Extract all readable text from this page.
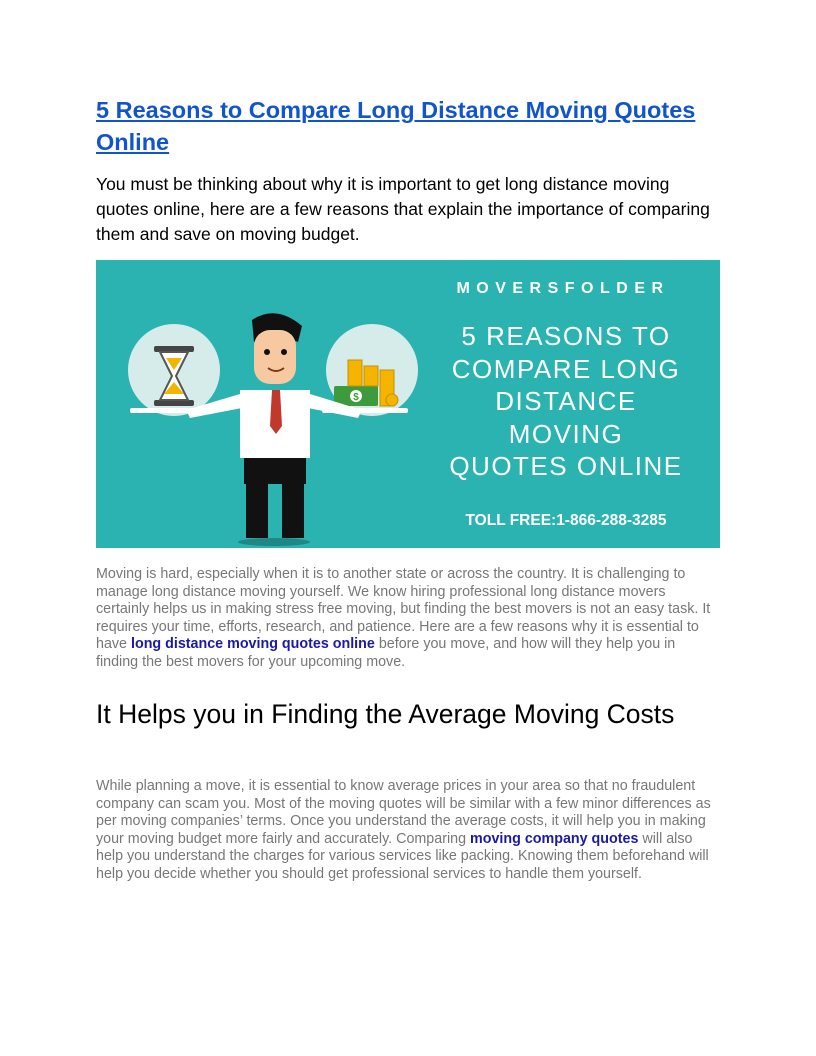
5 Reasons to Compare Long Distance Moving Quotes Online

You must be thinking about why it is important to get long distance moving quotes online, here are a few reasons that explain the importance of comparing them and save on moving budget.

$
MOVERSFOLDER
5 REASONS TO
COMPARE LONG
DISTANCE
MOVING
QUOTES ONLINE
TOLL FREE:1-866-288-3285

Moving is hard, especially when it is to another state or across the country. It is challenging to manage long distance moving yourself. We know hiring professional long distance movers certainly helps us in making stress free moving, but finding the best movers is not an easy task. It requires your time, efforts, research, and patience. Here are a few reasons why it is essential to have long distance moving quotes online before you move, and how will they help you in finding the best movers for your upcoming move.

It Helps you in Finding the Average Moving Costs

While planning a move, it is essential to know average prices in your area so that no fraudulent company can scam you. Most of the moving quotes will be similar with a few minor differences as per moving companies’ terms. Once you understand the average costs, it will help you in making your moving budget more fairly and accurately. Comparing moving company quotes will also help you understand the charges for various services like packing. Knowing them beforehand will help you decide whether you should get professional services to handle them yourself.
